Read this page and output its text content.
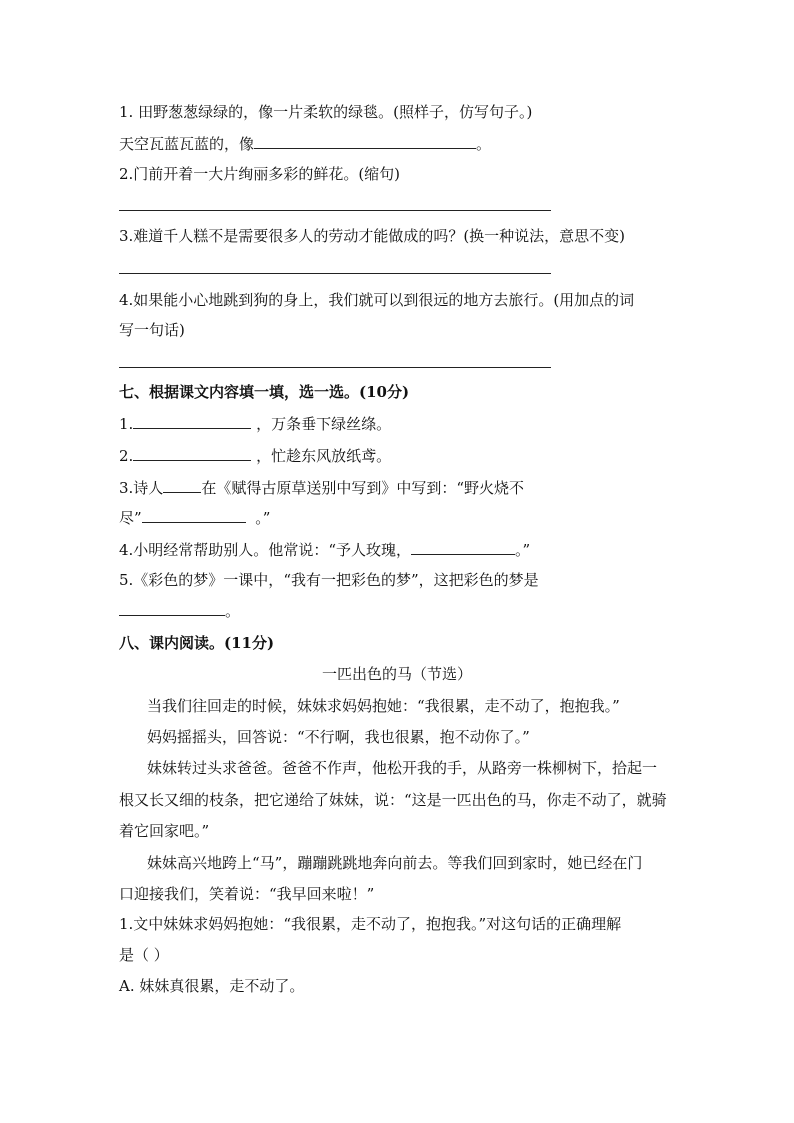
1. 田野葱葱绿绿的，像一片柔软的绿毯。(照样子，仿写句子。)
天空瓦蓝瓦蓝的，像	。
2.门前开着一大片绚丽多彩的鲜花。(缩句)
3.难道千人糕不是需要很多人的劳动才能做成的吗？(换一种说法，意思不变)
4.如果能小心地跳到狗的身上，我们就可以到很远的地方去旅行。(用加点的词
写一句话)
七、根据课文内容填一填，选一选。(10分)
1.	，万条垂下绿丝绦。
2.	，忙趁东风放纸鸢。
3.诗人	在《赋得古原草送别中写到》中写到：“野火烧不
尽”	。”
4.小明经常帮助别人。他常说：“予人玫瑰，	。”
5.《彩色的梦》一课中，“我有一把彩色的梦”，这把彩色的梦是
。
八、课内阅读。(11分)
一匹出色的马（节选）
当我们往回走的时候，妹妹求妈妈抱她：“我很累，走不动了，抱抱我。”
妈妈摇摇头，回答说：“不行啊，我也很累，抱不动你了。”
妹妹转过头求爸爸。爸爸不作声，他松开我的手，从路旁一株柳树下，拾起一
根又长又细的枝条，把它递给了妹妹，说：“这是一匹出色的马，你走不动了，就骑
着它回家吧。”
妹妹高兴地跨上“马”，蹦蹦跳跳地奔向前去。等我们回到家时，她已经在门
口迎接我们，笑着说：“我早回来啦！”
1.文中妹妹求妈妈抱她：“我很累，走不动了，抱抱我。”对这句话的正确理解
是（ ）
A. 妹妹真很累，走不动了。
